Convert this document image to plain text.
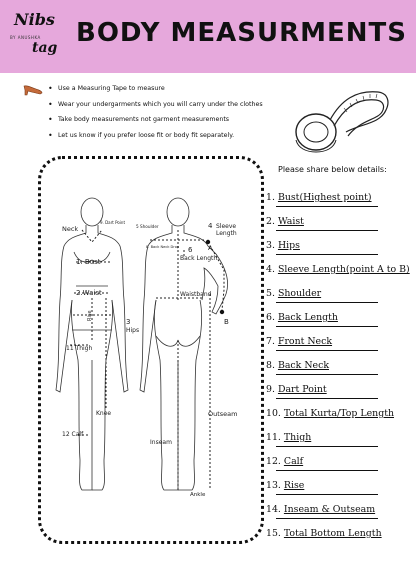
Nibs
BY ANUSHKA
tag BODY MEASURMENTS
• Use a Measuring Tape to measure
• Wear your undergarments which you will carry under the clothes
• Take body measurements not garment measurements
• Let us know if you prefer loose fit or body fit separately.
Neck
9. Dart Point
1. Bust
2.Waist
3
Hips
Rise
11 Thigh
Knee
12 Calf
5 Shoulder
8. Back Neck Drop 6
Back Length
4 Sleeve
Length
Waistband
A
B
Outseam
Inseam
Ankle
Please share below details:
1. Bust(Highest point)
2. Waist
3. Hips
4. Sleeve Length(point A to B)
5. Shoulder
6. Back Length
7. Front Neck
8. Back Neck
9. Dart Point
10. Total Kurta/Top Length
11. Thigh
12. Calf
13. Rise
14. Inseam & Outseam
15. Total Bottom Length
